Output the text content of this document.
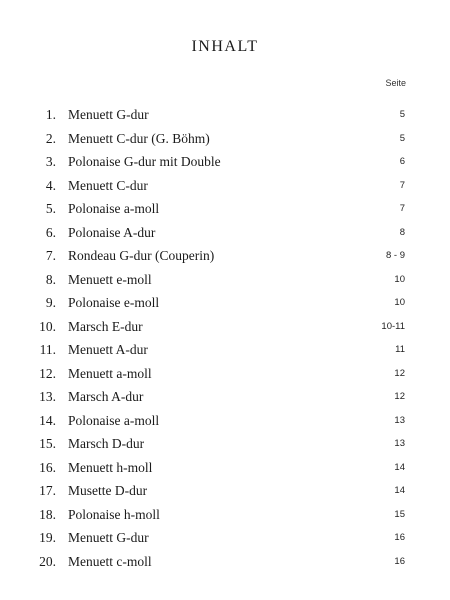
INHALT
Seite
1. Menuett G-dur	5
2. Menuett C-dur (G. Böhm)	5
3. Polonaise G-dur mit Double	6
4. Menuett C-dur	7
5. Polonaise a-moll	7
6. Polonaise A-dur	8
7. Rondeau G-dur (Couperin)	8 - 9
8. Menuett e-moll	10
9. Polonaise e-moll	10
10. Marsch E-dur	10-11
11. Menuett A-dur	11
12. Menuett a-moll	12
13. Marsch A-dur	12
14. Polonaise a-moll	13
15. Marsch D-dur	13
16. Menuett h-moll	14
17. Musette D-dur	14
18. Polonaise h-moll	15
19. Menuett G-dur	16
20. Menuett c-moll	16
